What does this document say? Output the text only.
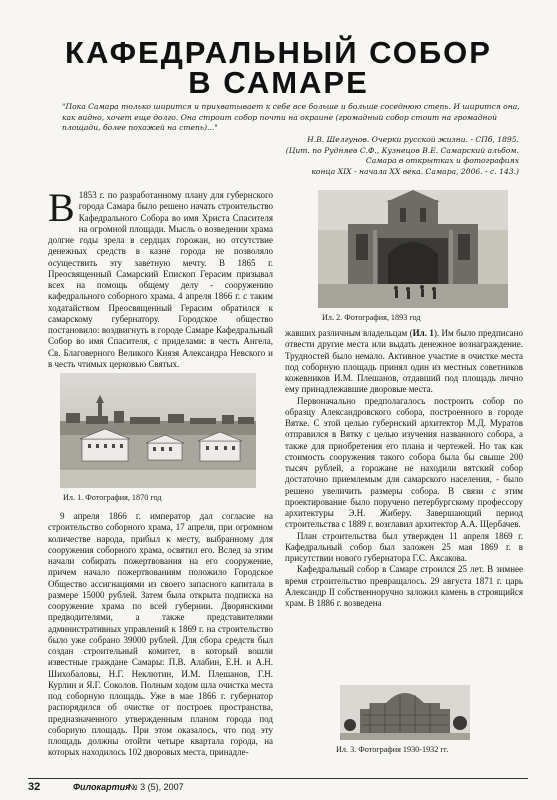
КАФЕДРАЛЬНЫЙ СОБОР
В САМАРЕ

"Пока Самара только ширится и прихватывает к себе все больше и больше соседнюю степь. И ширится она, как видно, хочет еще долго. Она строит собор почти на окраине (громадный собор стоит на громадной площади, более похожей на степь)..."

Н.В. Шелгунов. Очерки русской жизни. - СПб, 1895.
(Цит. по Рудняев С.Ф., Кузнецов В.Е. Самарский альбом.
Самара в открытках и фотографиях
конца XIX - начала XX века. Самара, 2006. - с. 143.)

В 1853 г. по разработанному плану для губернского города Самара было решено начать строительство Кафедрального Собора во имя Христа Спасителя на огромной площади. Мысль о возведении храма долгие годы зрела в сердцах горожан, но отсутствие денежных средств в казне города не позволяло осуществить эту заветную мечту. В 1865 г. Преосвященный Самарский Епископ Герасим призывал всех на помощь общему делу - сооружению кафедрального соборного храма. 4 апреля 1866 г. с таким ходатайством Преосвященный Герасим обратился к самарскому губернатору. Городское общество постановило: воздвигнуть в городе Самаре Кафедральный Собор во имя Спасителя, с приделами: в честь Ангела, Св. Благоверного Великого Князя Александра Невского и в честь чтимых церковью Святых.

Ил. 1. Фотография, 1870 год

9 апреля 1866 г. император дал согласие на строительство соборного храма, 17 апреля, при огромном количестве народа, прибыл к месту, выбранному для сооружения соборного храма, освятил его. Вслед за этим начали собирать пожертвования на его сооружение, причем начало пожертвованиям положило Городское Общество ассигнациями из своего запасного капитала в размере 15000 рублей. Затем была открыта подписка на сооружение храма по всей губернии. Дворянскими предводителями, а также представителями административных управлений к 1869 г. на строительство было уже собрано 39000 рублей. Для сбора средств был создан строительный комитет, в который вошли известные граждане Самары: П.В. Алабин, Е.Н. и А.Н. Шихобаловы, Н.Г. Неклютин, И.М. Плешанов, Г.Н. Курлин и Я.Г. Соколов. Полным ходом шла очистка места под соборную площадь. Уже в мае 1866 г. губернатор распорядился об очистке от построек пространства, предназначенного утвержденным планом города под соборную площадь. При этом оказалось, что под эту площадь должны отойти четыре квартала города, на которых находилось 102 дворовых места, принадле-

Ил. 2. Фотография, 1893 год

жавших различным владельцам (Ил. 1). Им было предписано отвести другие места или выдать денежное вознаграждение. Трудностей было немало. Активное участие в очистке места под соборную площадь принял один из местных советников кожевников И.М. Плешанов, отдавший под площадь лично ему принадлежавшие дворовые места.

Первоначально предполагалось построить собор по образцу Александровского собора, построенного в городе Вятке. С этой целью губернский архитектор М.Д. Муратов отправился в Вятку с целью изучения названного собора, а также для приобретения его плана и чертежей. Но так как стоимость сооружения такого собора была бы свыше 200 тысяч рублей, а горожане не находили вятский собор достаточно приемлемым для самарского населения, - было решено увеличить размеры собора. В связи с этим проектирование было поручено петербургскому профессору архитектуры Э.Н. Жиберу. Завершающий период строительства с 1889 г. возглавил архитектор А.А. Щербачев.

План строительства был утвержден 11 апреля 1869 г. Кафедральный собор был заложен 25 мая 1869 г. в присутствии нового губернатора Г.С. Аксакова.

Кафедральный собор в Самаре строился 25 лет. В зимнее время строительство превращалось. 29 августа 1871 г. царь Александр II собственноручно заложил камень в строящийся храм. В 1886 г. возведена

Ил. 3. Фотография 1930-1932 гг.
32	Филокартия
№ 3 (5), 2007
